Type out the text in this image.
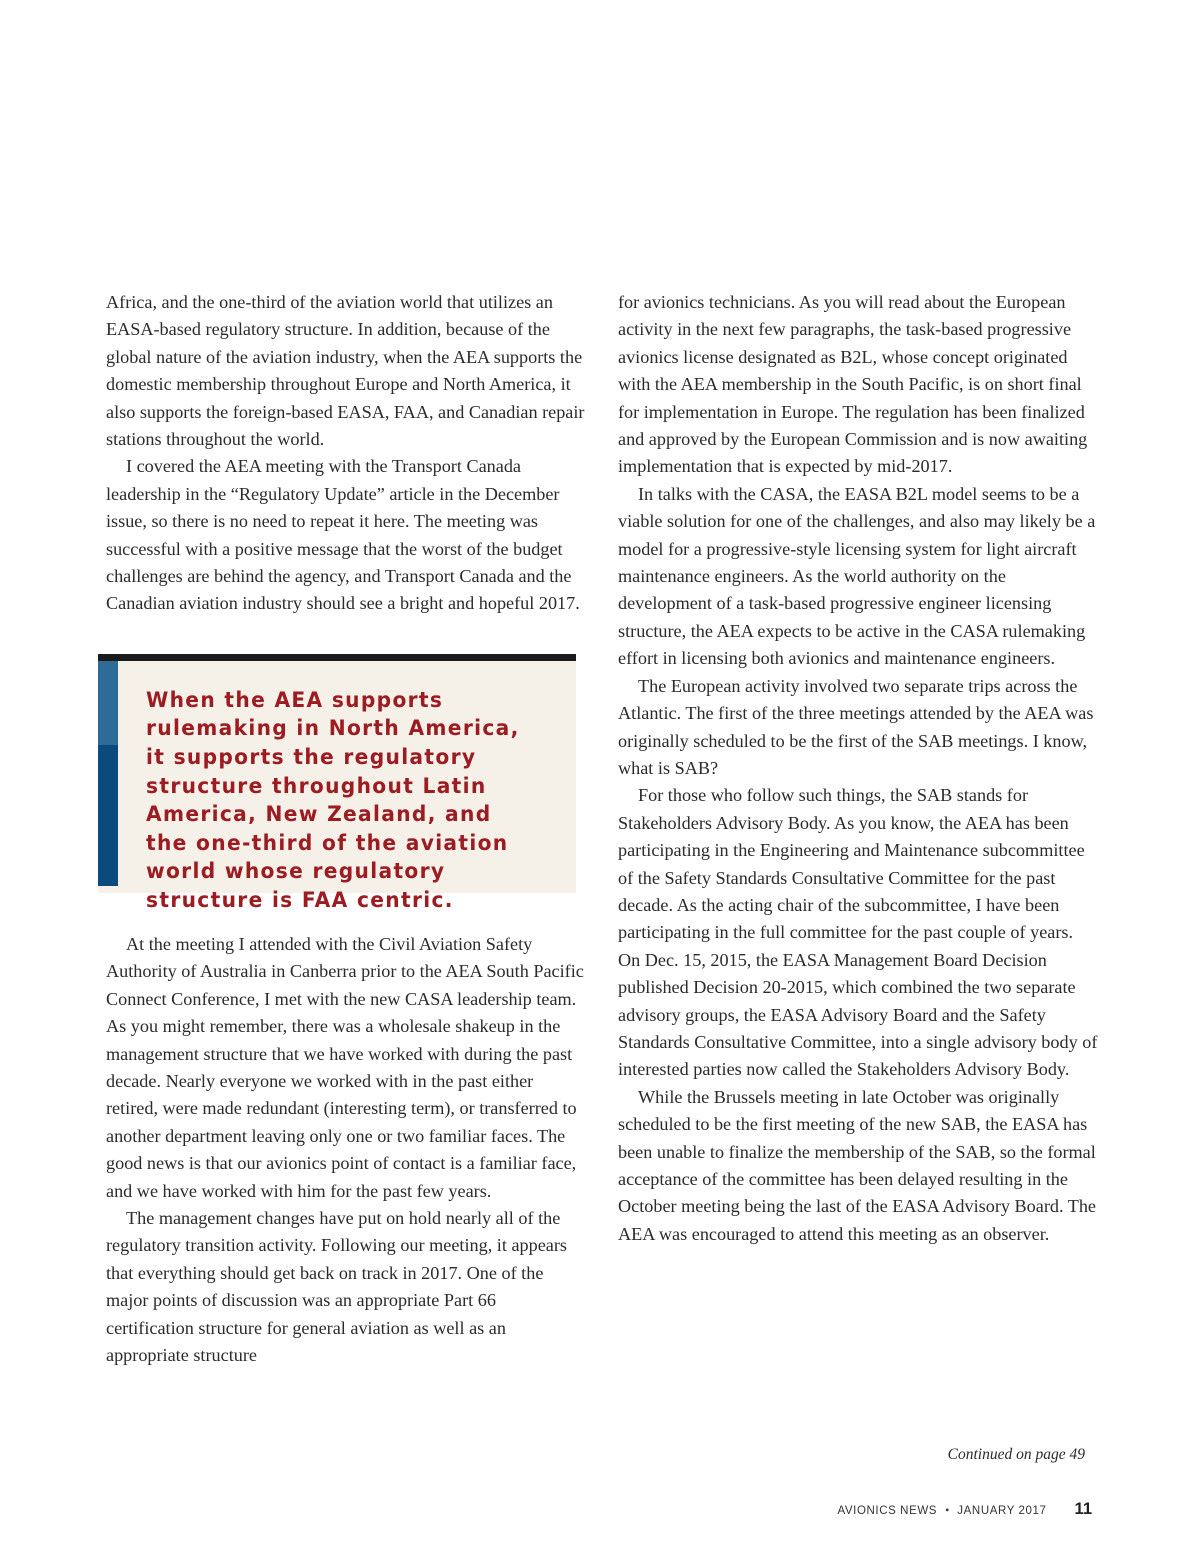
Africa, and the one-third of the aviation world that utilizes an EASA-based regulatory structure. In addition, because of the global nature of the aviation industry, when the AEA supports the domestic membership throughout Europe and North America, it also supports the foreign-based EASA, FAA, and Canadian repair stations throughout the world.

I covered the AEA meeting with the Transport Canada leadership in the “Regulatory Update” article in the December issue, so there is no need to repeat it here. The meeting was successful with a positive message that the worst of the budget challenges are behind the agency, and Transport Canada and the Canadian aviation industry should see a bright and hopeful 2017.

When the AEA supports rulemaking in North America, it supports the regulatory structure throughout Latin America, New Zealand, and the one-third of the aviation world whose regulatory structure is FAA centric.

At the meeting I attended with the Civil Aviation Safety Authority of Australia in Canberra prior to the AEA South Pacific Connect Conference, I met with the new CASA leadership team. As you might remember, there was a wholesale shakeup in the management structure that we have worked with during the past decade. Nearly everyone we worked with in the past either retired, were made redundant (interesting term), or transferred to another department leaving only one or two familiar faces. The good news is that our avionics point of contact is a familiar face, and we have worked with him for the past few years.

The management changes have put on hold nearly all of the regulatory transition activity. Following our meeting, it appears that everything should get back on track in 2017. One of the major points of discussion was an appropriate Part 66 certification structure for general aviation as well as an appropriate structure

for avionics technicians. As you will read about the European activity in the next few paragraphs, the task-based progressive avionics license designated as B2L, whose concept originated with the AEA membership in the South Pacific, is on short final for implementation in Europe. The regulation has been finalized and approved by the European Commission and is now awaiting implementation that is expected by mid-2017.

In talks with the CASA, the EASA B2L model seems to be a viable solution for one of the challenges, and also may likely be a model for a progressive-style licensing system for light aircraft maintenance engineers. As the world authority on the development of a task-based progressive engineer licensing structure, the AEA expects to be active in the CASA rulemaking effort in licensing both avionics and maintenance engineers.

The European activity involved two separate trips across the Atlantic. The first of the three meetings attended by the AEA was originally scheduled to be the first of the SAB meetings. I know, what is SAB?

For those who follow such things, the SAB stands for Stakeholders Advisory Body. As you know, the AEA has been participating in the Engineering and Maintenance subcommittee of the Safety Standards Consultative Committee for the past decade. As the acting chair of the subcommittee, I have been participating in the full committee for the past couple of years. On Dec. 15, 2015, the EASA Management Board Decision published Decision 20-2015, which combined the two separate advisory groups, the EASA Advisory Board and the Safety Standards Consultative Committee, into a single advisory body of interested parties now called the Stakeholders Advisory Body.

While the Brussels meeting in late October was originally scheduled to be the first meeting of the new SAB, the EASA has been unable to finalize the membership of the SAB, so the formal acceptance of the committee has been delayed resulting in the October meeting being the last of the EASA Advisory Board. The AEA was encouraged to attend this meeting as an observer.

Continued on page 49
AVIONICS NEWS • JANUARY 2017 11
